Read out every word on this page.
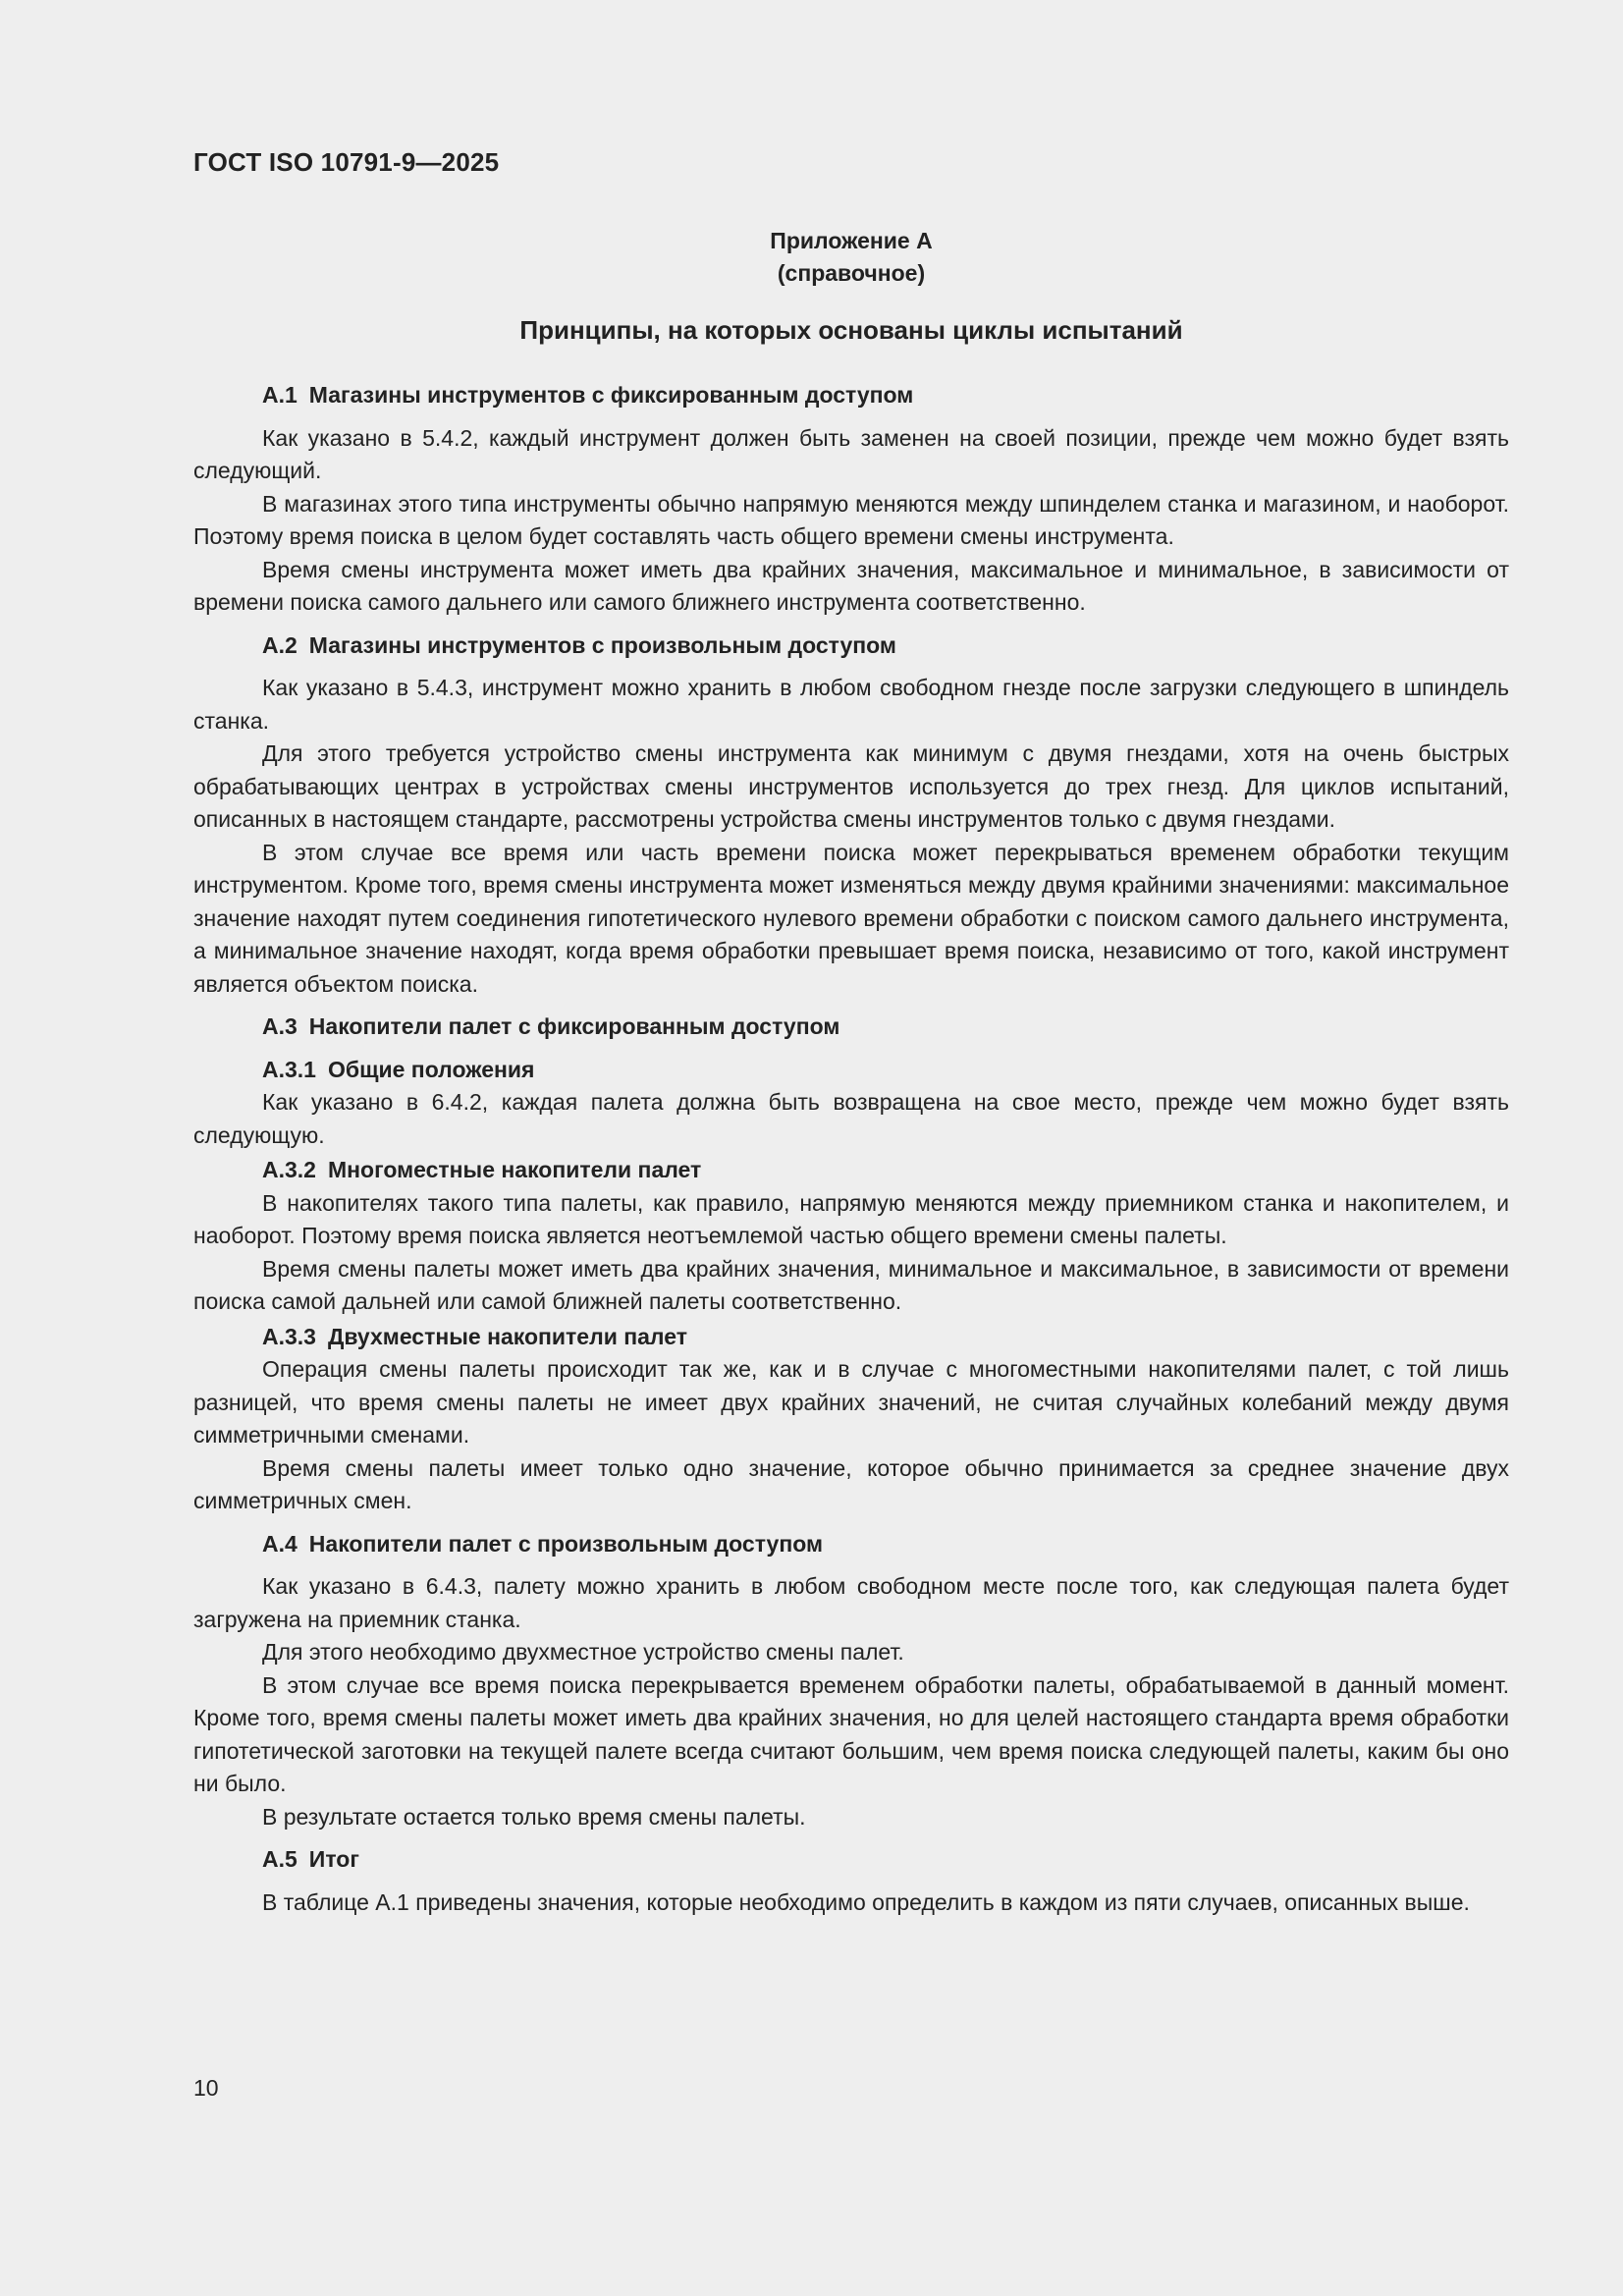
ГОСТ ISO 10791-9—2025
Приложение А
(справочное)
Принципы, на которых основаны циклы испытаний
А.1 Магазины инструментов с фиксированным доступом

Как указано в 5.4.2, каждый инструмент должен быть заменен на своей позиции, прежде чем можно будет взять следующий.

В магазинах этого типа инструменты обычно напрямую меняются между шпинделем станка и магазином, и наоборот. Поэтому время поиска в целом будет составлять часть общего времени смены инструмента.

Время смены инструмента может иметь два крайних значения, максимальное и минимальное, в зависимости от времени поиска самого дальнего или самого ближнего инструмента соответственно.

А.2 Магазины инструментов с произвольным доступом

Как указано в 5.4.3, инструмент можно хранить в любом свободном гнезде после загрузки следующего в шпиндель станка.

Для этого требуется устройство смены инструмента как минимум с двумя гнездами, хотя на очень быстрых обрабатывающих центрах в устройствах смены инструментов используется до трех гнезд. Для циклов испытаний, описанных в настоящем стандарте, рассмотрены устройства смены инструментов только с двумя гнездами.

В этом случае все время или часть времени поиска может перекрываться временем обработки текущим инструментом. Кроме того, время смены инструмента может изменяться между двумя крайними значениями: максимальное значение находят путем соединения гипотетического нулевого времени обработки с поиском самого дальнего инструмента, а минимальное значение находят, когда время обработки превышает время поиска, независимо от того, какой инструмент является объектом поиска.

А.3 Накопители палет с фиксированным доступом
А.3.1 Общие положения

Как указано в 6.4.2, каждая палета должна быть возвращена на свое место, прежде чем можно будет взять следующую.

А.3.2 Многоместные накопители палет

В накопителях такого типа палеты, как правило, напрямую меняются между приемником станка и накопителем, и наоборот. Поэтому время поиска является неотъемлемой частью общего времени смены палеты.

Время смены палеты может иметь два крайних значения, минимальное и максимальное, в зависимости от времени поиска самой дальней или самой ближней палеты соответственно.

А.3.3 Двухместные накопители палет

Операция смены палеты происходит так же, как и в случае с многоместными накопителями палет, с той лишь разницей, что время смены палеты не имеет двух крайних значений, не считая случайных колебаний между двумя симметричными сменами.

Время смены палеты имеет только одно значение, которое обычно принимается за среднее значение двух симметричных смен.

А.4 Накопители палет с произвольным доступом

Как указано в 6.4.3, палету можно хранить в любом свободном месте после того, как следующая палета будет загружена на приемник станка.

Для этого необходимо двухместное устройство смены палет.

В этом случае все время поиска перекрывается временем обработки палеты, обрабатываемой в данный момент. Кроме того, время смены палеты может иметь два крайних значения, но для целей настоящего стандарта время обработки гипотетической заготовки на текущей палете всегда считают большим, чем время поиска следующей палеты, каким бы оно ни было.

В результате остается только время смены палеты.

А.5 Итог

В таблице А.1 приведены значения, которые необходимо определить в каждом из пяти случаев, описанных выше.

10
